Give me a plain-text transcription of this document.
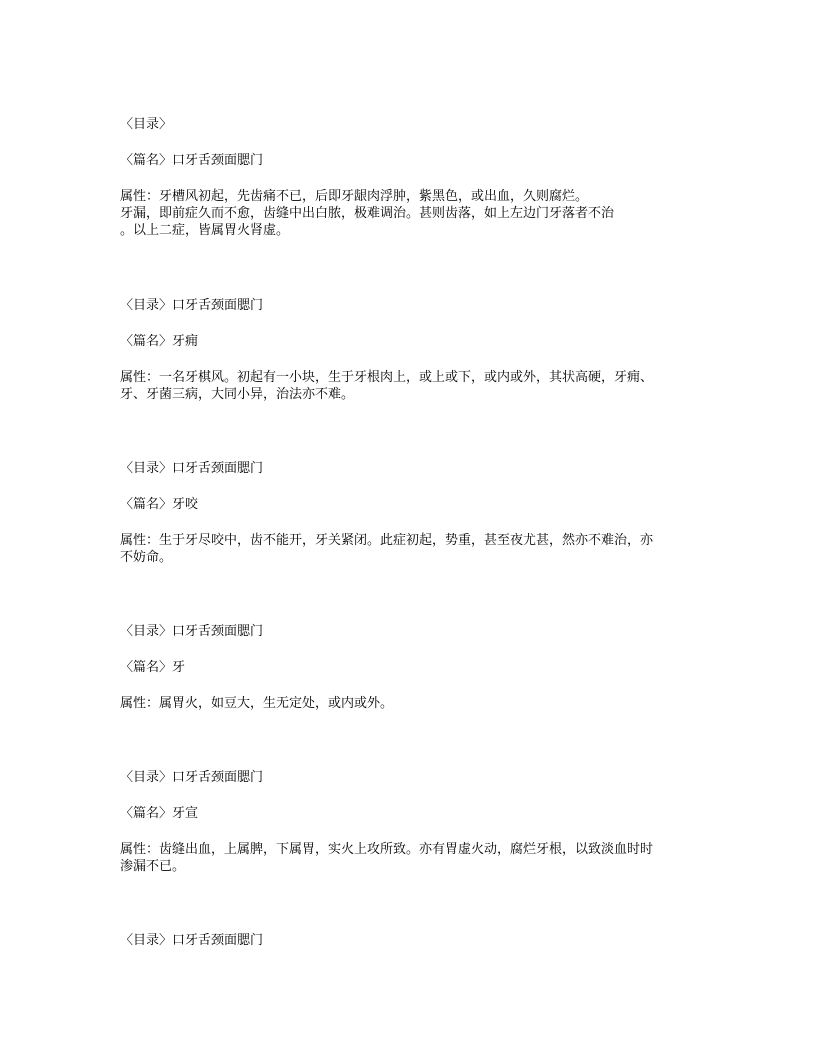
〈目录〉
〈篇名〉口牙舌颈面腮门
属性：牙槽风初起，先齿痛不已，后即牙龈肉浮肿，紫黑色，或出血，久则腐烂。
牙漏，即前症久而不愈，齿缝中出白脓，极难调治。甚则齿落，如上左边门牙落者不治
。以上二症，皆属胃火肾虚。
〈目录〉口牙舌颈面腮门
〈篇名〉牙痈
属性：一名牙棋风。初起有一小块，生于牙根肉上，或上或下，或内或外，其状高硬，牙痈、
牙、牙菌三病，大同小异，治法亦不难。
〈目录〉口牙舌颈面腮门
〈篇名〉牙咬
属性：生于牙尽咬中，齿不能开，牙关紧闭。此症初起，势重，甚至夜尤甚，然亦不难治，亦
不妨命。
〈目录〉口牙舌颈面腮门
〈篇名〉牙
属性：属胃火，如豆大，生无定处，或内或外。
〈目录〉口牙舌颈面腮门
〈篇名〉牙宣
属性：齿缝出血，上属脾，下属胃，实火上攻所致。亦有胃虚火动，腐烂牙根，以致淡血时时
渗漏不已。
〈目录〉口牙舌颈面腮门
